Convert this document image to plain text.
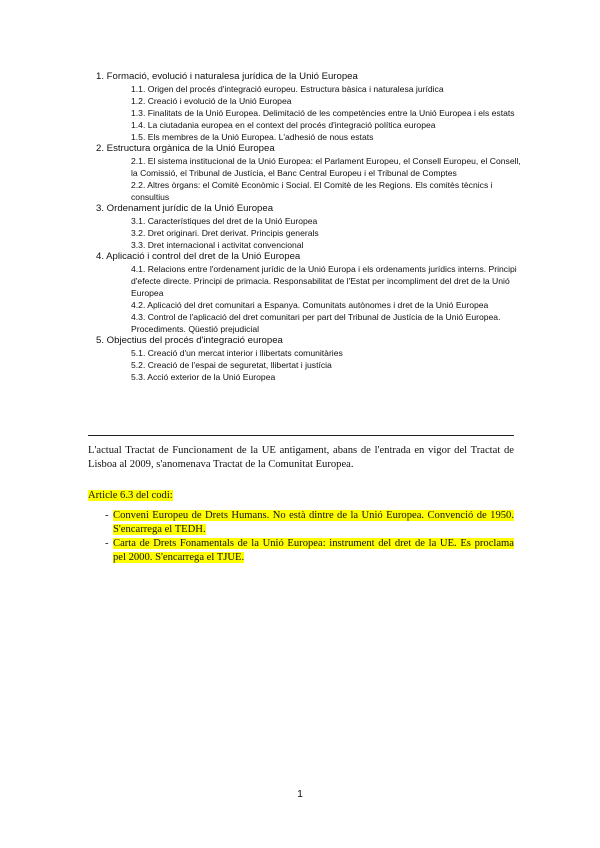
1. Formació, evolució i naturalesa jurídica de la Unió Europea

1.1. Origen del procés d'integració europeu. Estructura bàsica i naturalesa jurídica

1.2. Creació i evolució de la Unió Europea

1.3. Finalitats de la Unió Europea. Delimitació de les competències entre la Unió Europea i els estats

1.4. La ciutadania europea en el context del procés d'integració política europea

1.5. Els membres de la Unió Europea. L'adhesió de nous estats

2. Estructura orgànica de la Unió Europea

2.1. El sistema institucional de la Unió Europea: el Parlament Europeu, el Consell Europeu, el Consell, la Comissió, el Tribunal de Justícia, el Banc Central Europeu i el Tribunal de Comptes

2.2. Altres òrgans: el Comitè Econòmic i Social. El Comitè de les Regions. Els comitès tècnics i consultius

3. Ordenament jurídic de la Unió Europea

3.1. Característiques del dret de la Unió Europea

3.2. Dret originari. Dret derivat. Principis generals

3.3. Dret internacional i activitat convencional

4. Aplicació i control del dret de la Unió Europea

4.1. Relacions entre l'ordenament jurídic de la Unió Europa i els ordenaments jurídics interns. Principi d'efecte directe. Principi de primacia. Responsabilitat de l'Estat per incompliment del dret de la Unió Europea

4.2. Aplicació del dret comunitari a Espanya. Comunitats autònomes i dret de la Unió Europea

4.3. Control de l'aplicació del dret comunitari per part del Tribunal de Justícia de la Unió Europea. Procediments. Qüestió prejudicial

5. Objectius del procés d'integració europea

5.1. Creació d'un mercat interior i llibertats comunitàries

5.2. Creació de l'espai de seguretat, llibertat i justícia

5.3. Acció exterior de la Unió Europea

L'actual Tractat de Funcionament de la UE antigament, abans de l'entrada en vigor del Tractat de Lisboa al 2009, s'anomenava Tractat de la Comunitat Europea.

Article 6.3 del codi:

- Conveni Europeu de Drets Humans. No està dintre de la Unió Europea. Convenció de 1950. S'encarrega el TEDH.
- Carta de Drets Fonamentals de la Unió Europea: instrument del dret de la UE. Es proclama pel 2000. S'encarrega el TJUE.
1
